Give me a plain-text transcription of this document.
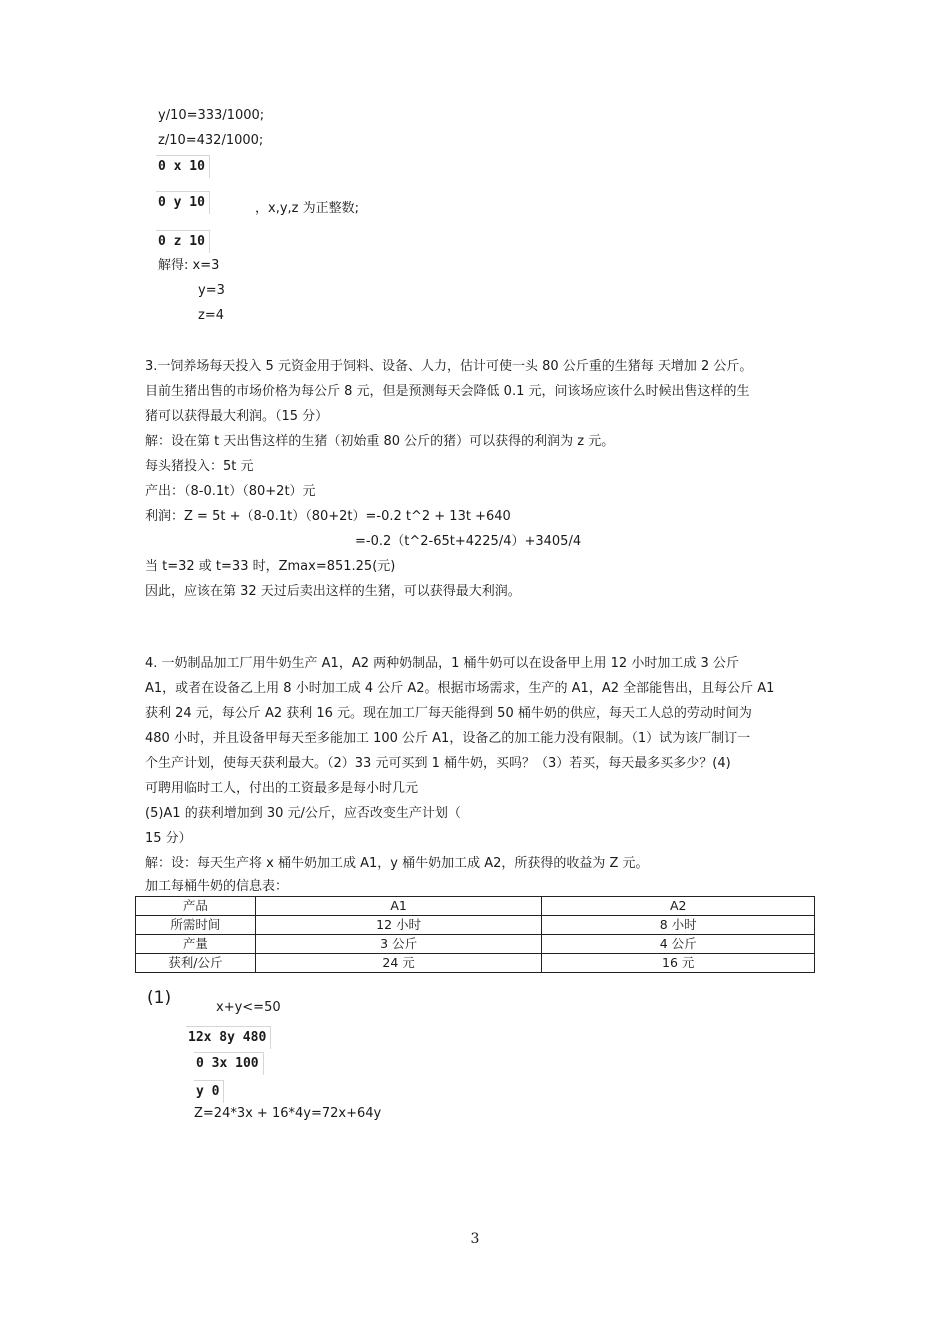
y/10=333/1000;
z/10=432/1000;
0 x 10
0 y 10	，x,y,z 为正整数;
0 z 10
解得: x=3
y=3
z=4

3.一饲养场每天投入 5 元资金用于饲料、设备、人力，估计可使一头 80 公斤重的生猪每 天增加 2 公斤。

目前生猪出售的市场价格为每公斤 8 元，但是预测每天会降低 0.1 元，问该场应该什么时候出售这样的生

猪可以获得最大利润。（15 分）

解：设在第 t 天出售这样的生猪（初始重 80 公斤的猪）可以获得的利润为 z 元。

每头猪投入：5t 元

产出：（8-0.1t）（80+2t）元

利润：Z = 5t +（8-0.1t）（80+2t）=-0.2 t^2 + 13t +640

=-0.2（t^2-65t+4225/4）+3405/4

当 t=32 或 t=33 时，Zmax=851.25(元)

因此，应该在第 32 天过后卖出这样的生猪，可以获得最大利润。

4. 一奶制品加工厂用牛奶生产 A1，A2 两种奶制品，1 桶牛奶可以在设备甲上用 12 小时加工成 3 公斤

A1，或者在设备乙上用 8 小时加工成 4 公斤 A2。根据市场需求，生产的 A1，A2 全部能售出，且每公斤 A1

获利 24 元，每公斤 A2 获利 16 元。现在加工厂每天能得到 50 桶牛奶的供应，每天工人总的劳动时间为

480 小时，并且设备甲每天至多能加工 100 公斤 A1，设备乙的加工能力没有限制。（1）试为该厂制订一

个生产计划，使每天获利最大。（2）33 元可买到 1 桶牛奶，买吗？（3）若买，每天最多买多少？(4)

可聘用临时工人，付出的工资最多是每小时几元

(5)A1 的获利增加到 30 元/公斤，应否改变生产计划（

15 分）

解：设：每天生产将 x 桶牛奶加工成 A1，y 桶牛奶加工成 A2，所获得的收益为 Z 元。

加工每桶牛奶的信息表：
产品	A1	A2
所需时间	12 小时	8 小时
产量	3 公斤	4 公斤
获利/公斤	24 元	16 元
(1)	x+y<=50
12x 8y 480
0 3x 100
y 0
Z=24*3x + 16*4y=72x+64y
3
